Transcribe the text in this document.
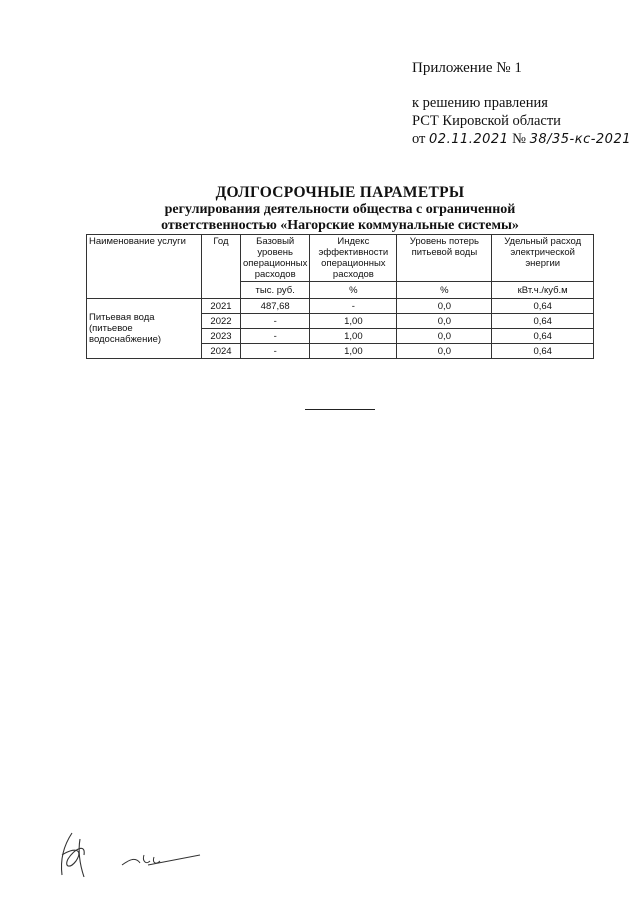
Приложение № 1
к решению правления
РСТ Кировской области
от 02.11.2021 № 38/35-кс-2021
ДОЛГОСРОЧНЫЕ ПАРАМЕТРЫ
регулирования деятельности общества с ограниченной
ответственностью «Нагорские коммунальные системы»
Наименование услуги	Год	Базовый уровень операционных расходов	Индекс эффективности операционных расходов	Уровень потерь питьевой воды	Удельный расход электрической энергии
		тыс. руб.	%	%	кВт.ч./куб.м
Питьевая вода (питьевое водоснабжение)	2021	487,68	-	0,0	0,64
	2022	-	1,00	0,0	0,64
	2023	-	1,00	0,0	0,64
	2024	-	1,00	0,0	0,64
